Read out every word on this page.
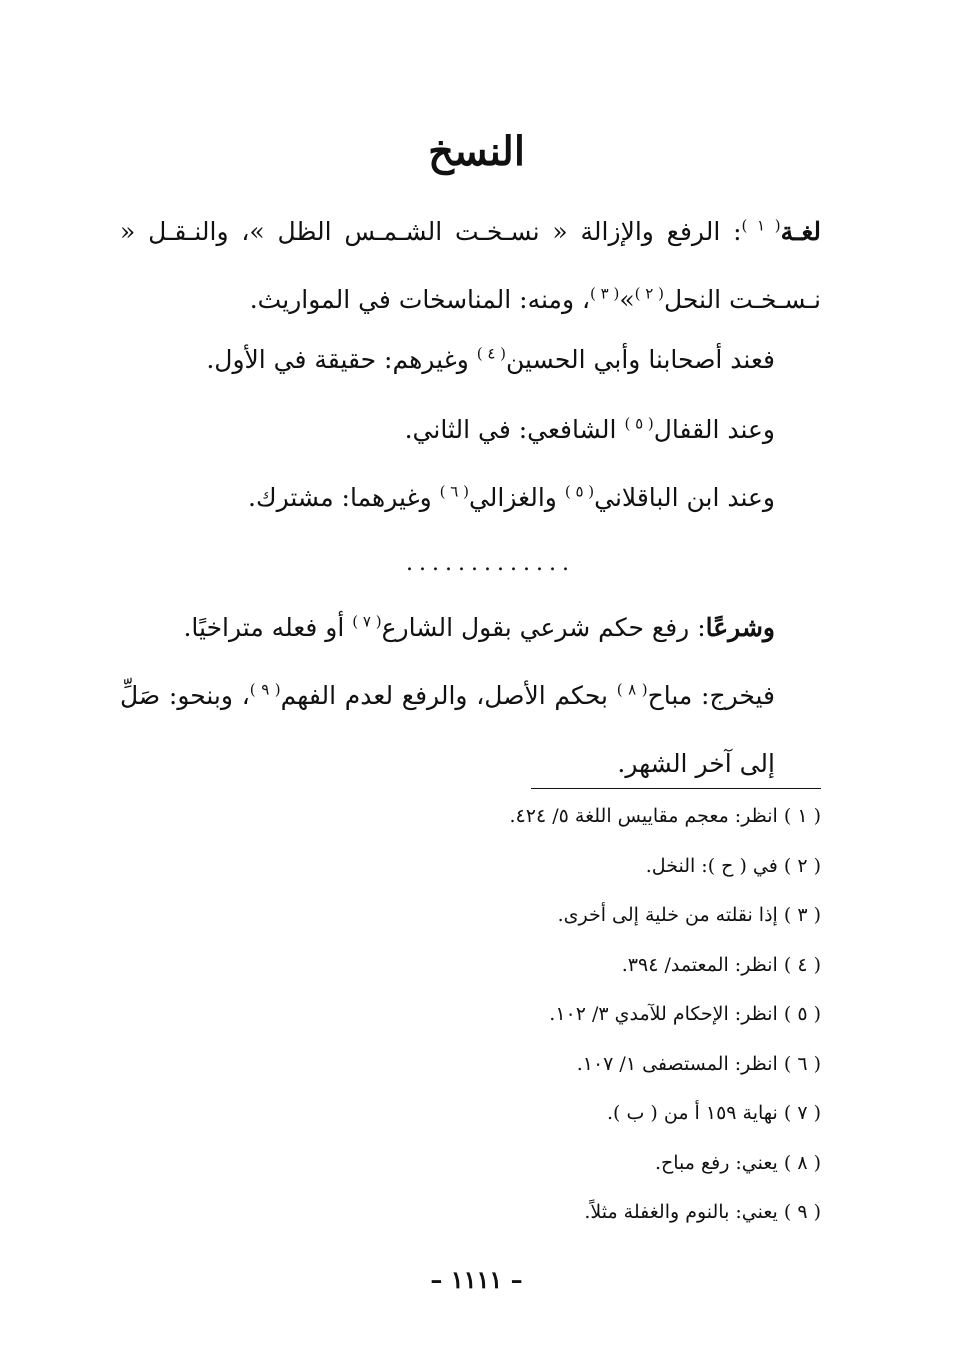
النسخ

لغـة$^{( ١ )}$: الرفع والإزالة « نسـخـت الشـمـس الظل »، والنـقـل « نـسـخـت النحل$^{( ٢ )}$»$^{( ٣ )}$، ومنه: المناسخات في المواريث.

فعند أصحابنا وأبي الحسين$^{( ٤ )}$ وغيرهم: حقيقة في الأول.

وعند القفال$^{( ٥ )}$ الشافعي: في الثاني.

وعند ابن الباقلاني$^{( ٥ )}$ والغزالي$^{( ٦ )}$ وغيرهما: مشترك.

.............

وشرعًا: رفع حكم شرعي بقول الشارع$^{( ٧ )}$ أو فعله متراخيًا.

فيخرج: مباح$^{( ٨ )}$ بحكم الأصل، والرفع لعدم الفهم$^{( ٩ )}$، وبنحو: صَلِّ إلى آخر الشهر.

( ١ ) انظر: معجم مقاييس اللغة ٥/ ٤٢٤.

( ٢ ) في ( ح ): النخل.

( ٣ ) إذا نقلته من خلية إلى أخرى.

( ٤ ) انظر: المعتمد/ ٣٩٤.

( ٥ ) انظر: الإحكام للآمدي ٣/ ١٠٢.

( ٦ ) انظر: المستصفى ١/ ١٠٧.

( ٧ ) نهاية ١٥٩ أ من ( ب ).

( ٨ ) يعني: رفع مباح.

( ٩ ) يعني: بالنوم والغفلة مثلاً.

– ١١١١ –
